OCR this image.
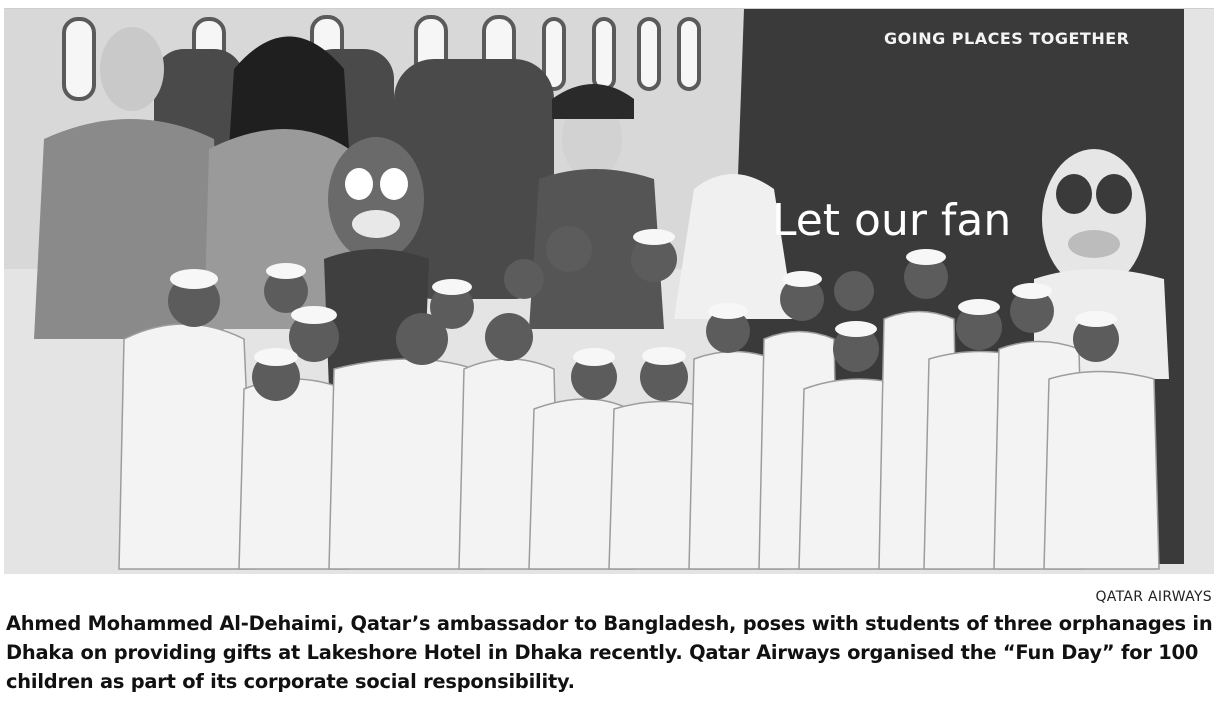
GOING PLACES TOGETHER
Let our fan
QATAR AIRWAYS
Ahmed Mohammed Al-Dehaimi, Qatar’s ambassador to Bangladesh, poses with students of three orphanages in Dhaka on providing gifts at Lakeshore Hotel in Dhaka recently. Qatar Airways organised the “Fun Day” for 100 children as part of its corporate social responsibility.
